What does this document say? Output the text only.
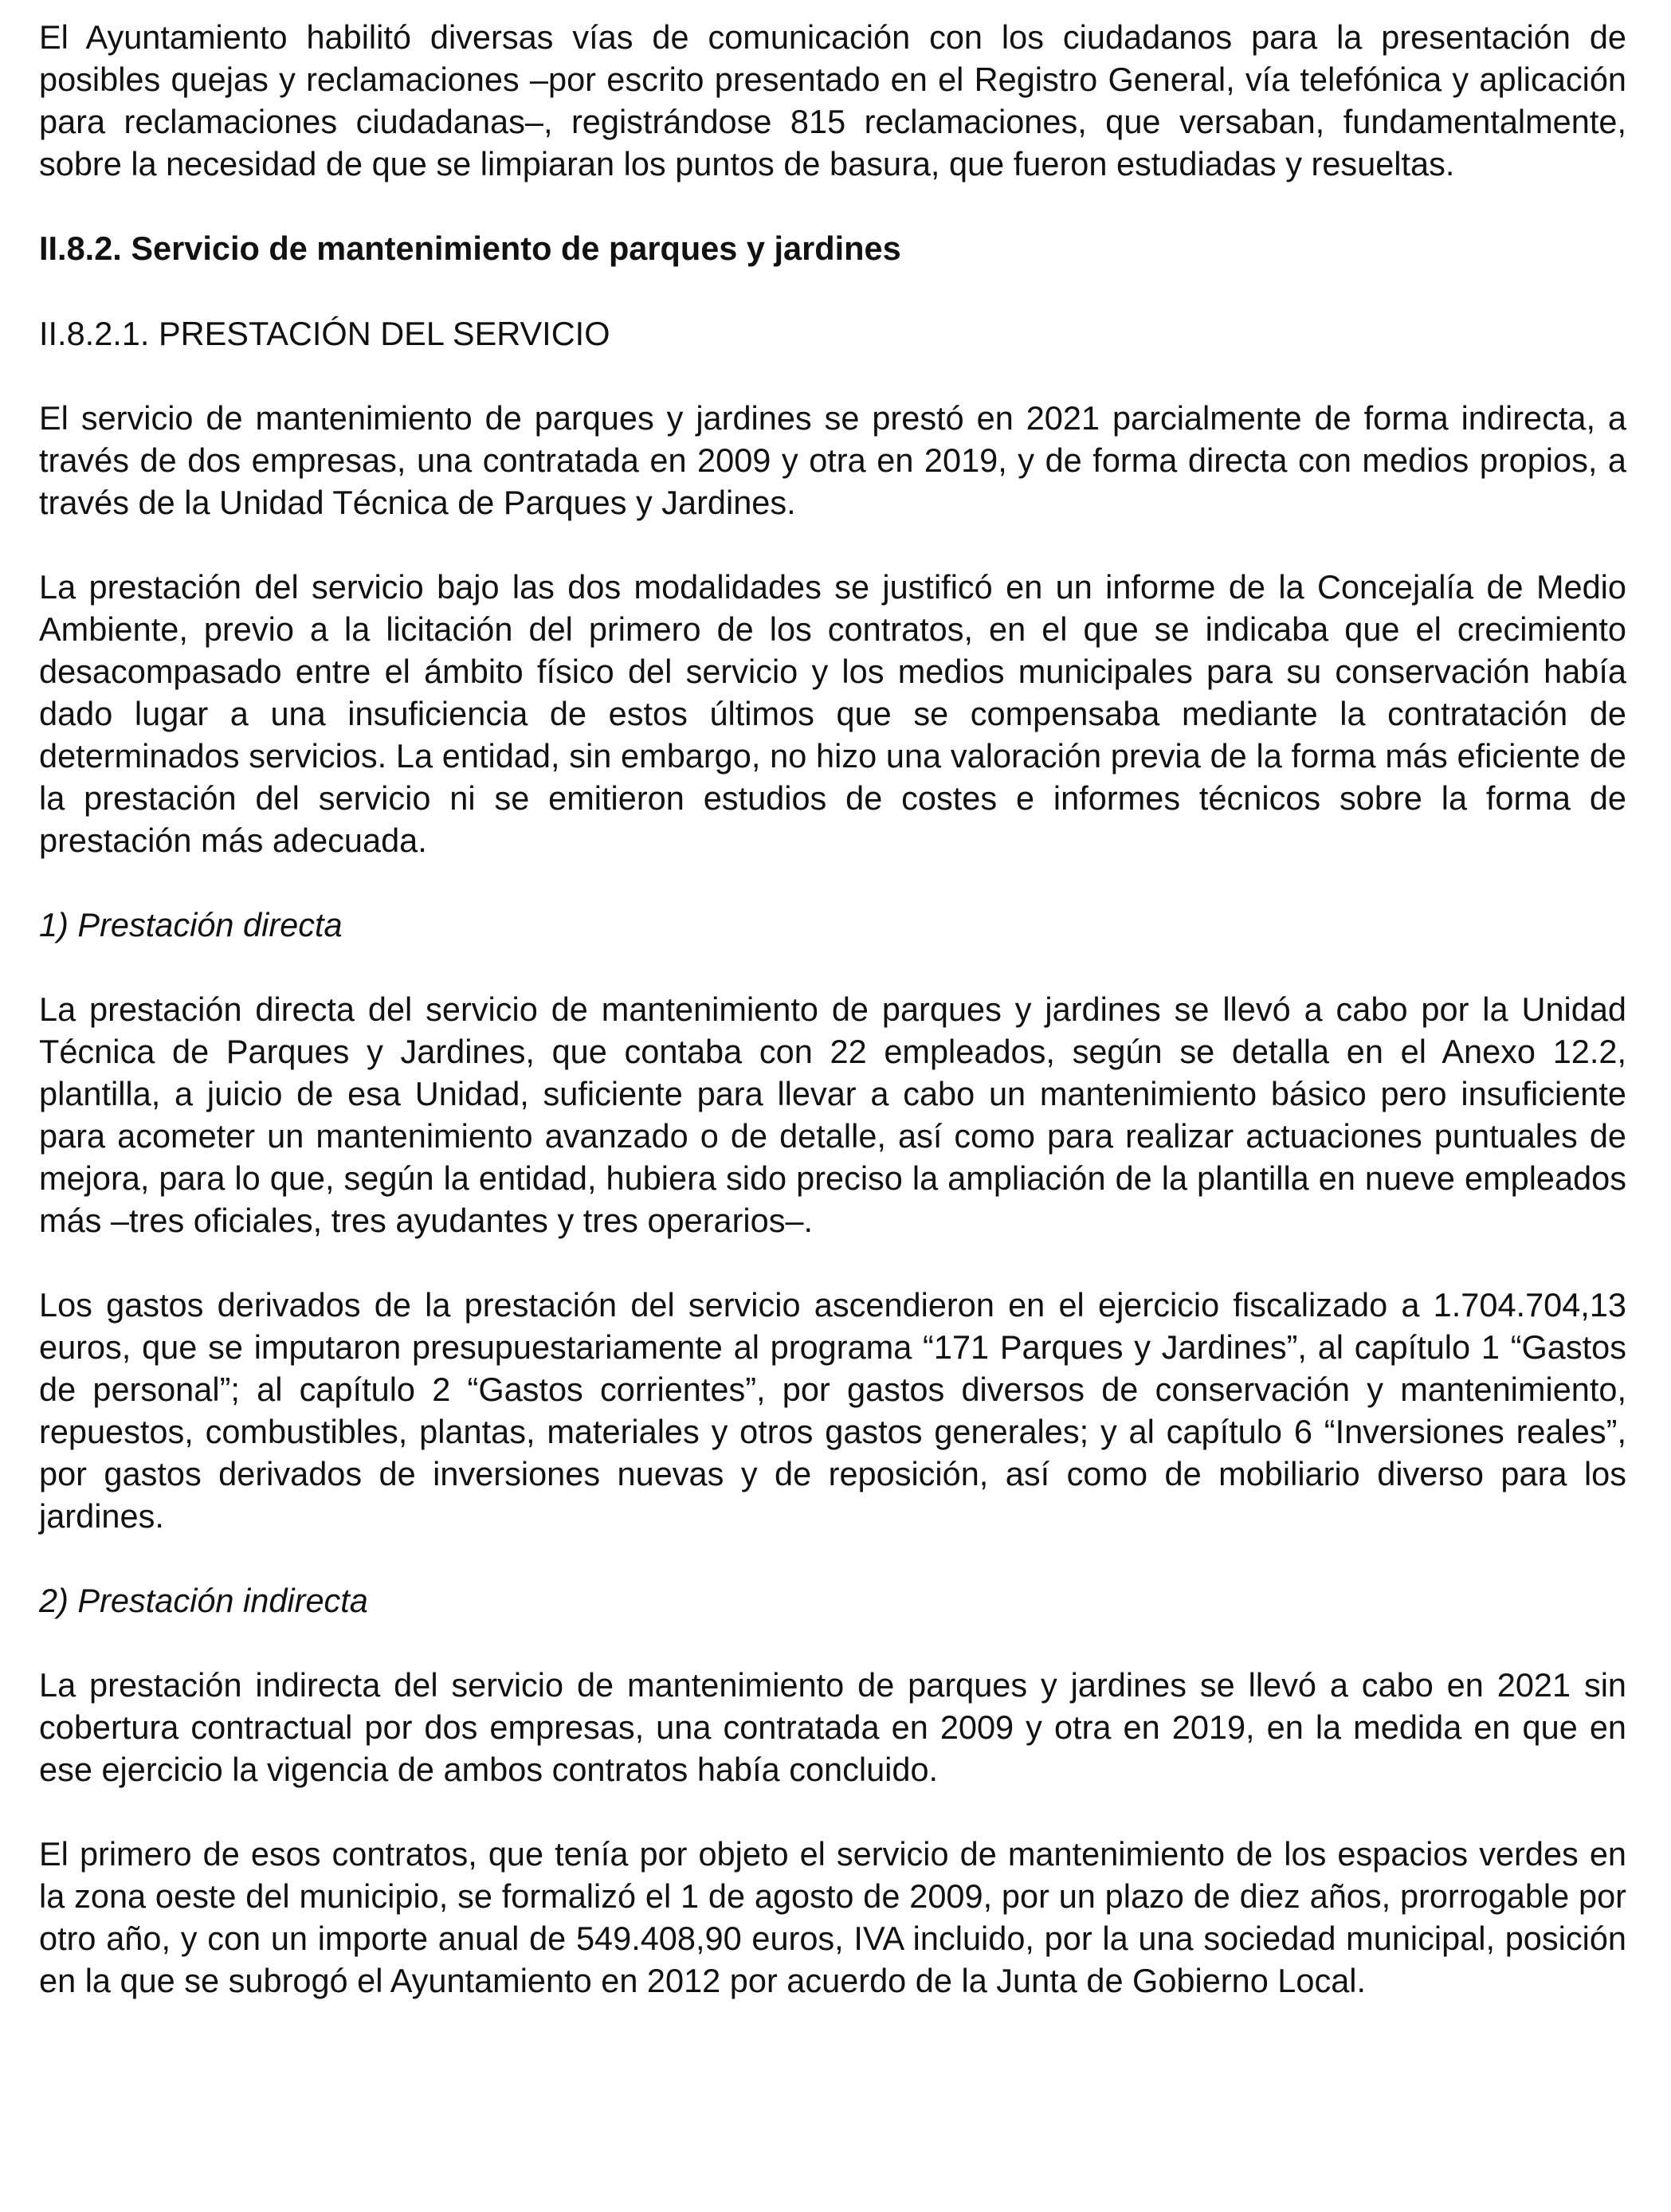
El Ayuntamiento habilitó diversas vías de comunicación con los ciudadanos para la presentación de posibles quejas y reclamaciones –por escrito presentado en el Registro General, vía telefónica y aplicación para reclamaciones ciudadanas–, registrándose 815 reclamaciones, que versaban, fundamentalmente, sobre la necesidad de que se limpiaran los puntos de basura, que fueron estudiadas y resueltas.

II.8.2. Servicio de mantenimiento de parques y jardines
II.8.2.1. PRESTACIÓN DEL SERVICIO

El servicio de mantenimiento de parques y jardines se prestó en 2021 parcialmente de forma indirecta, a través de dos empresas, una contratada en 2009 y otra en 2019, y de forma directa con medios propios, a través de la Unidad Técnica de Parques y Jardines.

La prestación del servicio bajo las dos modalidades se justificó en un informe de la Concejalía de Medio Ambiente, previo a la licitación del primero de los contratos, en el que se indicaba que el crecimiento desacompasado entre el ámbito físico del servicio y los medios municipales para su conservación había dado lugar a una insuficiencia de estos últimos que se compensaba mediante la contratación de determinados servicios. La entidad, sin embargo, no hizo una valoración previa de la forma más eficiente de la prestación del servicio ni se emitieron estudios de costes e informes técnicos sobre la forma de prestación más adecuada.

1) Prestación directa

La prestación directa del servicio de mantenimiento de parques y jardines se llevó a cabo por la Unidad Técnica de Parques y Jardines, que contaba con 22 empleados, según se detalla en el Anexo 12.2, plantilla, a juicio de esa Unidad, suficiente para llevar a cabo un mantenimiento básico pero insuficiente para acometer un mantenimiento avanzado o de detalle, así como para realizar actuaciones puntuales de mejora, para lo que, según la entidad, hubiera sido preciso la ampliación de la plantilla en nueve empleados más –tres oficiales, tres ayudantes y tres operarios–.

Los gastos derivados de la prestación del servicio ascendieron en el ejercicio fiscalizado a 1.704.704,13 euros, que se imputaron presupuestariamente al programa “171 Parques y Jardines”, al capítulo 1 “Gastos de personal”; al capítulo 2 “Gastos corrientes”, por gastos diversos de conservación y mantenimiento, repuestos, combustibles, plantas, materiales y otros gastos generales; y al capítulo 6 “Inversiones reales”, por gastos derivados de inversiones nuevas y de reposición, así como de mobiliario diverso para los jardines.

2) Prestación indirecta

La prestación indirecta del servicio de mantenimiento de parques y jardines se llevó a cabo en 2021 sin cobertura contractual por dos empresas, una contratada en 2009 y otra en 2019, en la medida en que en ese ejercicio la vigencia de ambos contratos había concluido.

El primero de esos contratos, que tenía por objeto el servicio de mantenimiento de los espacios verdes en la zona oeste del municipio, se formalizó el 1 de agosto de 2009, por un plazo de diez años, prorrogable por otro año, y con un importe anual de 549.408,90 euros, IVA incluido, por la una sociedad municipal, posición en la que se subrogó el Ayuntamiento en 2012 por acuerdo de la Junta de Gobierno Local.
